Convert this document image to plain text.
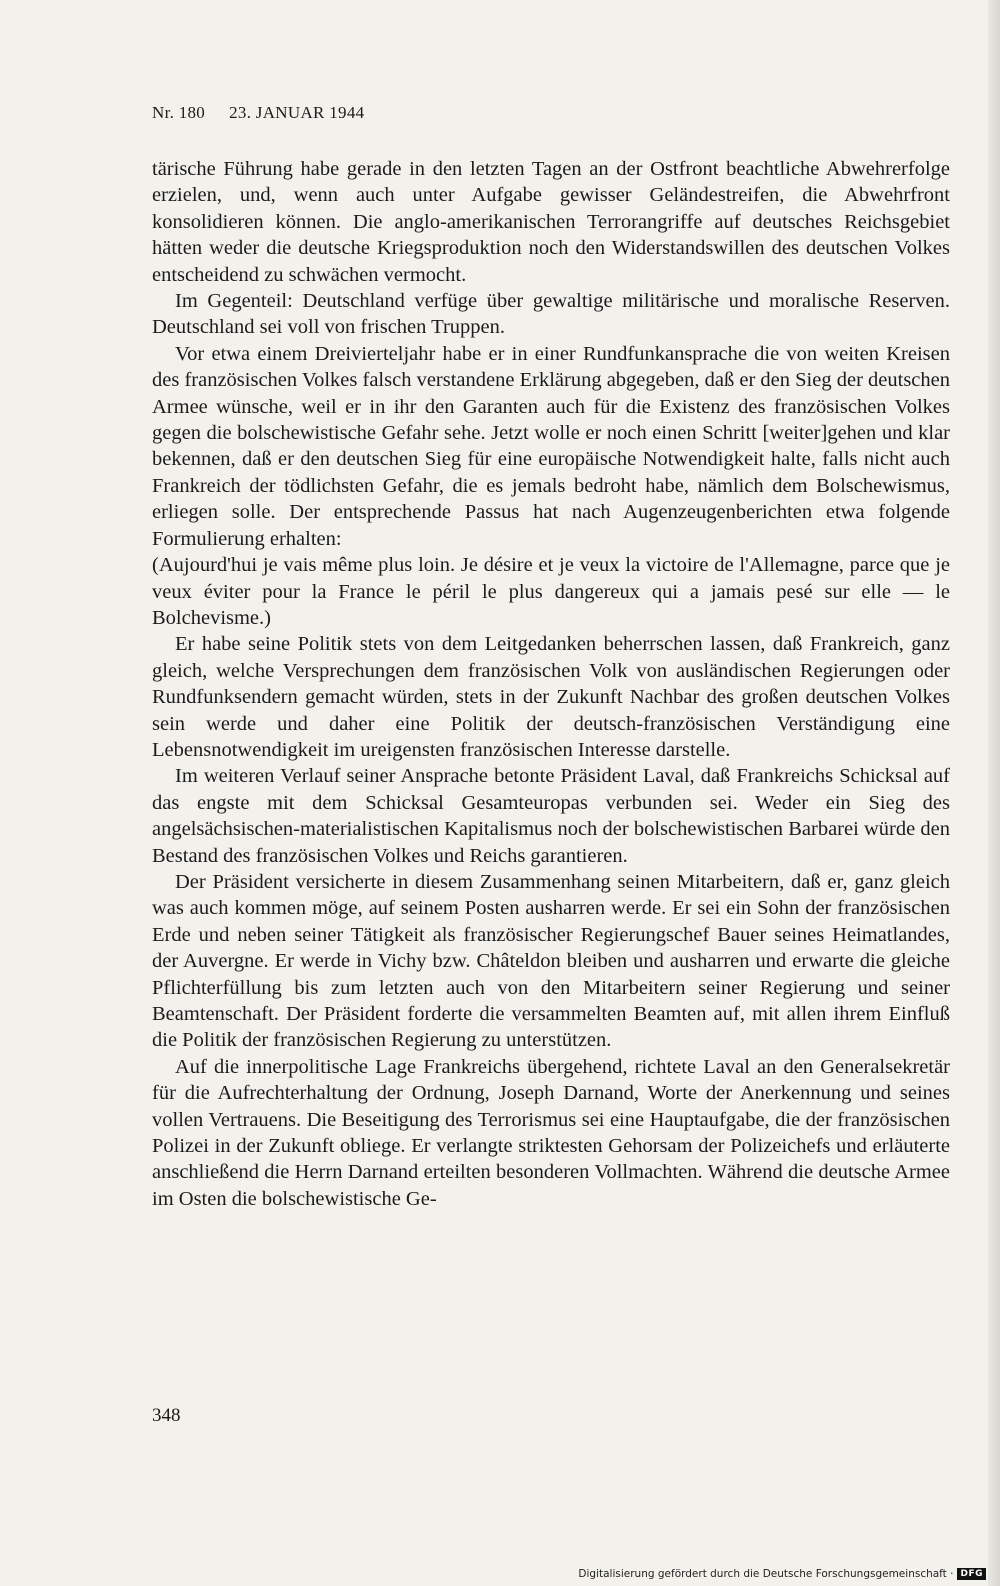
Nr. 180 23. JANUAR 1944

tärische Führung habe gerade in den letzten Tagen an der Ostfront beachtliche Abwehrerfolge erzielen, und, wenn auch unter Aufgabe gewisser Geländestreifen, die Abwehrfront konsolidieren können. Die anglo-amerikanischen Terrorangriffe auf deutsches Reichsgebiet hätten weder die deutsche Kriegsproduktion noch den Widerstandswillen des deutschen Volkes entscheidend zu schwächen vermocht.

Im Gegenteil: Deutschland verfüge über gewaltige militärische und moralische Reserven. Deutschland sei voll von frischen Truppen.

Vor etwa einem Dreivierteljahr habe er in einer Rundfunkansprache die von weiten Kreisen des französischen Volkes falsch verstandene Erklärung abgegeben, daß er den Sieg der deutschen Armee wünsche, weil er in ihr den Garanten auch für die Existenz des französischen Volkes gegen die bolschewistische Gefahr sehe. Jetzt wolle er noch einen Schritt [weiter]gehen und klar bekennen, daß er den deutschen Sieg für eine europäische Notwendigkeit halte, falls nicht auch Frankreich der tödlichsten Gefahr, die es jemals bedroht habe, nämlich dem Bolschewismus, erliegen solle. Der entsprechende Passus hat nach Augenzeugenberichten etwa folgende Formulierung erhalten:

(Aujourd'hui je vais même plus loin. Je désire et je veux la victoire de l'Allemagne, parce que je veux éviter pour la France le péril le plus dangereux qui a jamais pesé sur elle — le Bolchevisme.)

Er habe seine Politik stets von dem Leitgedanken beherrschen lassen, daß Frankreich, ganz gleich, welche Versprechungen dem französischen Volk von ausländischen Regierungen oder Rundfunksendern gemacht würden, stets in der Zukunft Nachbar des großen deutschen Volkes sein werde und daher eine Politik der deutsch-französischen Verständigung eine Lebensnotwendigkeit im ureigensten französischen Interesse darstelle.

Im weiteren Verlauf seiner Ansprache betonte Präsident Laval, daß Frankreichs Schicksal auf das engste mit dem Schicksal Gesamteuropas verbunden sei. Weder ein Sieg des angelsächsischen-materialistischen Kapitalismus noch der bolschewistischen Barbarei würde den Bestand des französischen Volkes und Reichs garantieren.

Der Präsident versicherte in diesem Zusammenhang seinen Mitarbeitern, daß er, ganz gleich was auch kommen möge, auf seinem Posten ausharren werde. Er sei ein Sohn der französischen Erde und neben seiner Tätigkeit als französischer Regierungschef Bauer seines Heimatlandes, der Auvergne. Er werde in Vichy bzw. Châteldon bleiben und ausharren und erwarte die gleiche Pflichterfüllung bis zum letzten auch von den Mitarbeitern seiner Regierung und seiner Beamtenschaft. Der Präsident forderte die versammelten Beamten auf, mit allen ihrem Einfluß die Politik der französischen Regierung zu unterstützen.

Auf die innerpolitische Lage Frankreichs übergehend, richtete Laval an den Generalsekretär für die Aufrechterhaltung der Ordnung, Joseph Darnand, Worte der Anerkennung und seines vollen Vertrauens. Die Beseitigung des Terrorismus sei eine Hauptaufgabe, die der französischen Polizei in der Zukunft obliege. Er verlangte striktesten Gehorsam der Polizeichefs und erläuterte anschließend die Herrn Darnand erteilten besonderen Vollmachten. Während die deutsche Armee im Osten die bolschewistische Ge-

348
Digitalisierung gefördert durch die Deutsche Forschungsgemeinschaft · DFG
